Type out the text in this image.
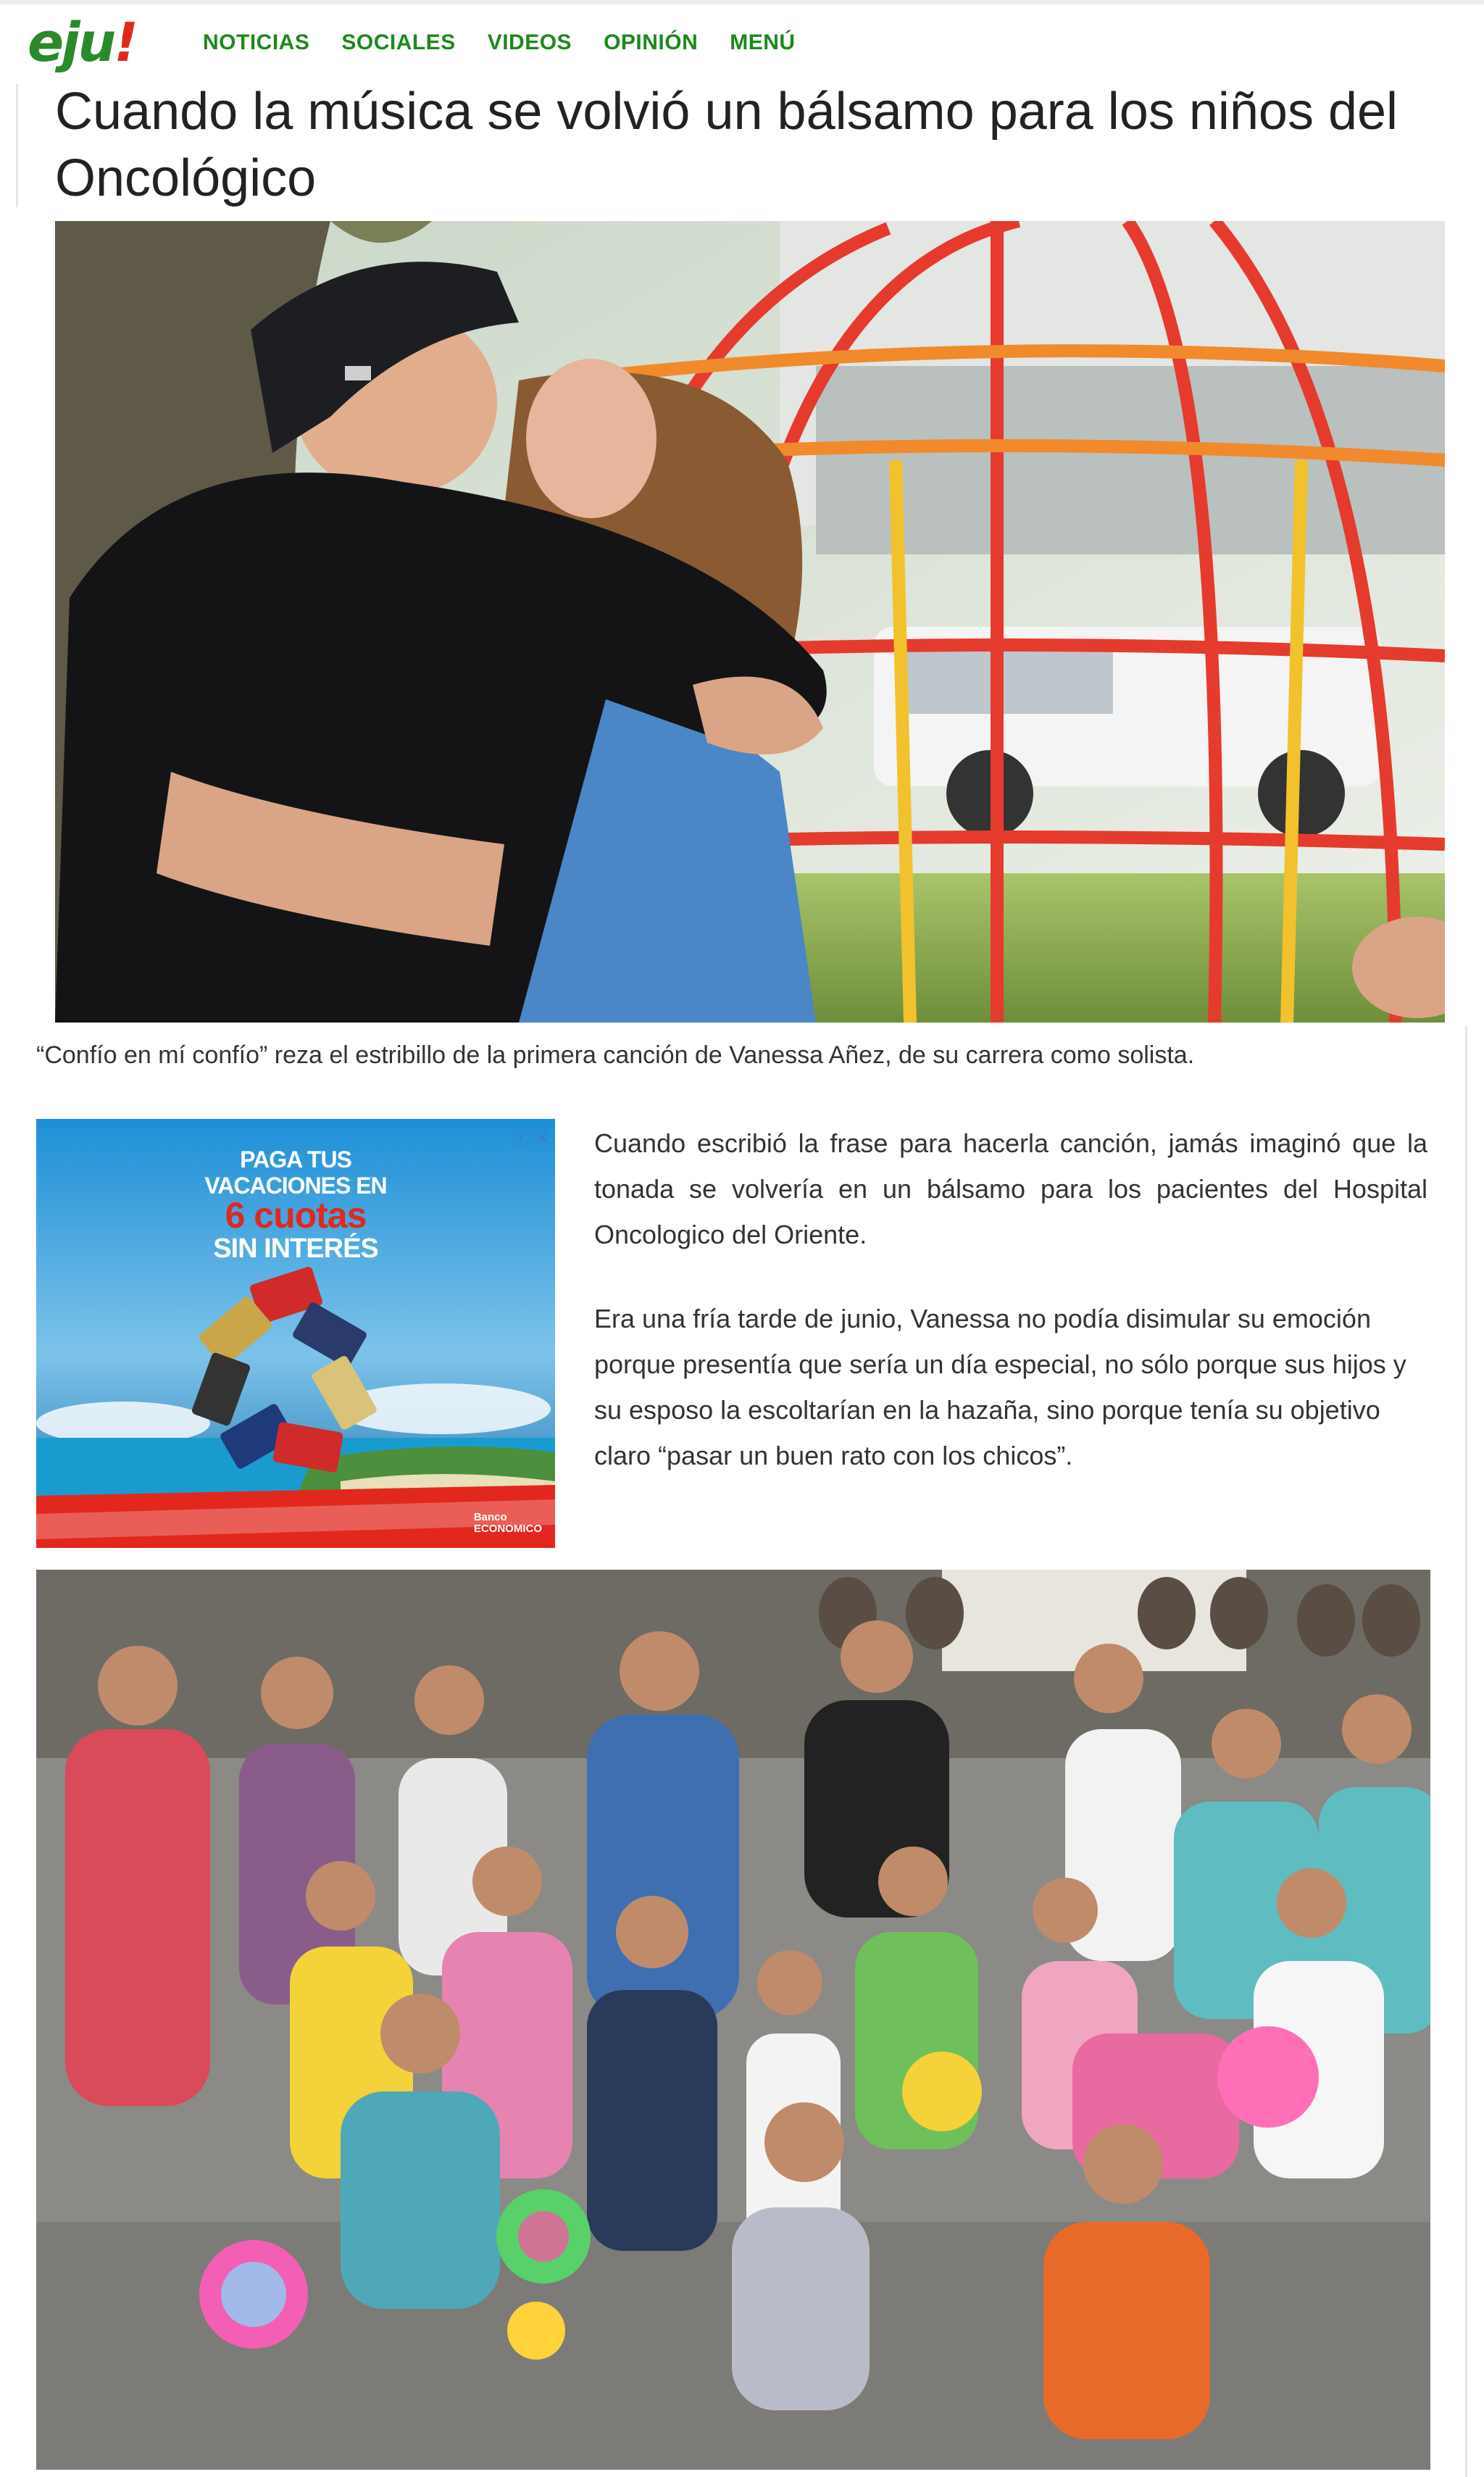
eju!	NOTICIAS SOCIALES VIDEOS OPINIÓN MENÚ
Cuando la música se volvió un bálsamo para los niños del Oncológico

“Confío en mí confío” reza el estribillo de la primera canción de Vanessa Añez, de su carrera como solista.

ⓘ ✕
PAGA TUS
VACACIONES EN
6 cuotas
SIN INTERÉS
Banco
ECONOMICO

Cuando escribió la frase para hacerla canción, jamás imaginó que la tonada se volvería en un bálsamo para los pacientes del Hospital Oncologico del Oriente.

Era una fría tarde de junio, Vanessa no podía disimular su emoción porque presentía que sería un día especial, no sólo porque sus hijos y su esposo la escoltarían en la hazaña, sino porque tenía su objetivo claro “pasar un buen rato con los chicos”.
